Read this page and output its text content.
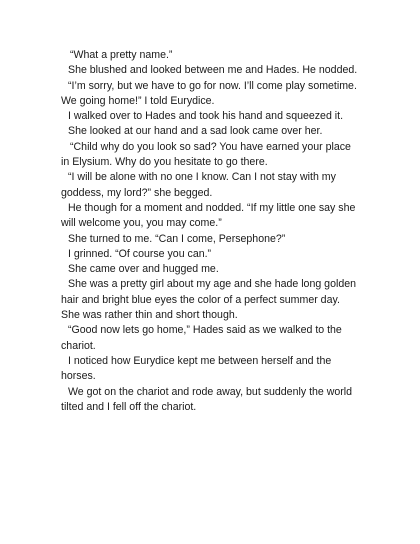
“What a pretty name.”

She blushed and looked between me and Hades. He nodded.

“I’m sorry, but we have to go for now. I’ll come play sometime. We going home!” I told Eurydice.

I walked over to Hades and took his hand and squeezed it.

She looked at our hand and a sad look came over her.

“Child why do you look so sad? You have earned your place in Elysium. Why do you hesitate to go there.

“I will be alone with no one I know. Can I not stay with my goddess, my lord?” she begged.

He though for a moment and nodded. “If my little one say she will welcome you, you may come.”

She turned to me. “Can I come, Persephone?”

I grinned. “Of course you can.”

She came over and hugged me.

She was a pretty girl about my age and she hade long golden hair and bright blue eyes the color of a perfect summer day. She was rather thin and short though.

“Good now lets go home,” Hades said as we walked to the chariot.

I noticed how Eurydice kept me between herself and the horses.

We got on the chariot and rode away, but suddenly the world tilted and I fell off the chariot.
